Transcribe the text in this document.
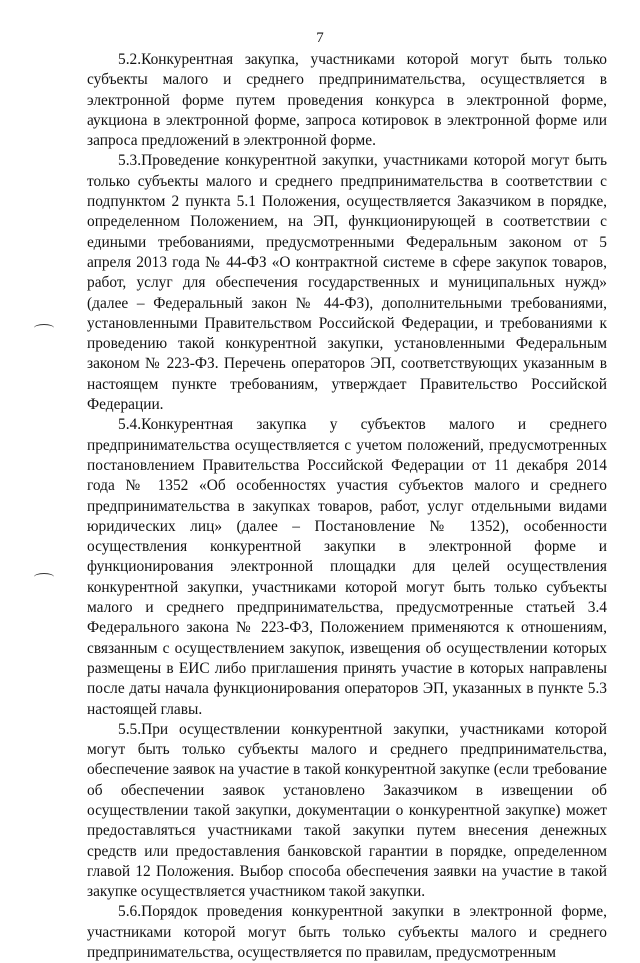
7

5.2.Конкурентная закупка, участниками которой могут быть только субъекты малого и среднего предпринимательства, осуществляется в электронной форме путем проведения конкурса в электронной форме, аукциона в электронной форме, запроса котировок в электронной форме или запроса предложений в электронной форме.

5.3.Проведение конкурентной закупки, участниками которой могут быть только субъекты малого и среднего предпринимательства в соответствии с подпунктом 2 пункта 5.1 Положения, осуществляется Заказчиком в порядке, определенном Положением, на ЭП, функционирующей в соответствии с едиными требованиями, предусмотренными Федеральным законом от 5 апреля 2013 года № 44-ФЗ «О контрактной системе в сфере закупок товаров, работ, услуг для обеспечения государственных и муниципальных нужд» (далее – Федеральный закон № 44-ФЗ), дополнительными требованиями, установленными Правительством Российской Федерации, и требованиями к проведению такой конкурентной закупки, установленными Федеральным законом № 223-ФЗ. Перечень операторов ЭП, соответствующих указанным в настоящем пункте требованиям, утверждает Правительство Российской Федерации.

5.4.Конкурентная закупка у субъектов малого и среднего предпринимательства осуществляется с учетом положений, предусмотренных постановлением Правительства Российской Федерации от 11 декабря 2014 года № 1352 «Об особенностях участия субъектов малого и среднего предпринимательства в закупках товаров, работ, услуг отдельными видами юридических лиц» (далее – Постановление № 1352), особенности осуществления конкурентной закупки в электронной форме и функционирования электронной площадки для целей осуществления конкурентной закупки, участниками которой могут быть только субъекты малого и среднего предпринимательства, предусмотренные статьей 3.4 Федерального закона № 223-ФЗ, Положением применяются к отношениям, связанным с осуществлением закупок, извещения об осуществлении которых размещены в ЕИС либо приглашения принять участие в которых направлены после даты начала функционирования операторов ЭП, указанных в пункте 5.3 настоящей главы.

5.5.При осуществлении конкурентной закупки, участниками которой могут быть только субъекты малого и среднего предпринимательства, обеспечение заявок на участие в такой конкурентной закупке (если требование об обеспечении заявок установлено Заказчиком в извещении об осуществлении такой закупки, документации о конкурентной закупке) может предоставляться участниками такой закупки путем внесения денежных средств или предоставления банковской гарантии в порядке, определенном главой 12 Положения. Выбор способа обеспечения заявки на участие в такой закупке осуществляется участником такой закупки.

5.6.Порядок проведения конкурентной закупки в электронной форме, участниками которой могут быть только субъекты малого и среднего предпринимательства, осуществляется по правилам, предусмотренным
